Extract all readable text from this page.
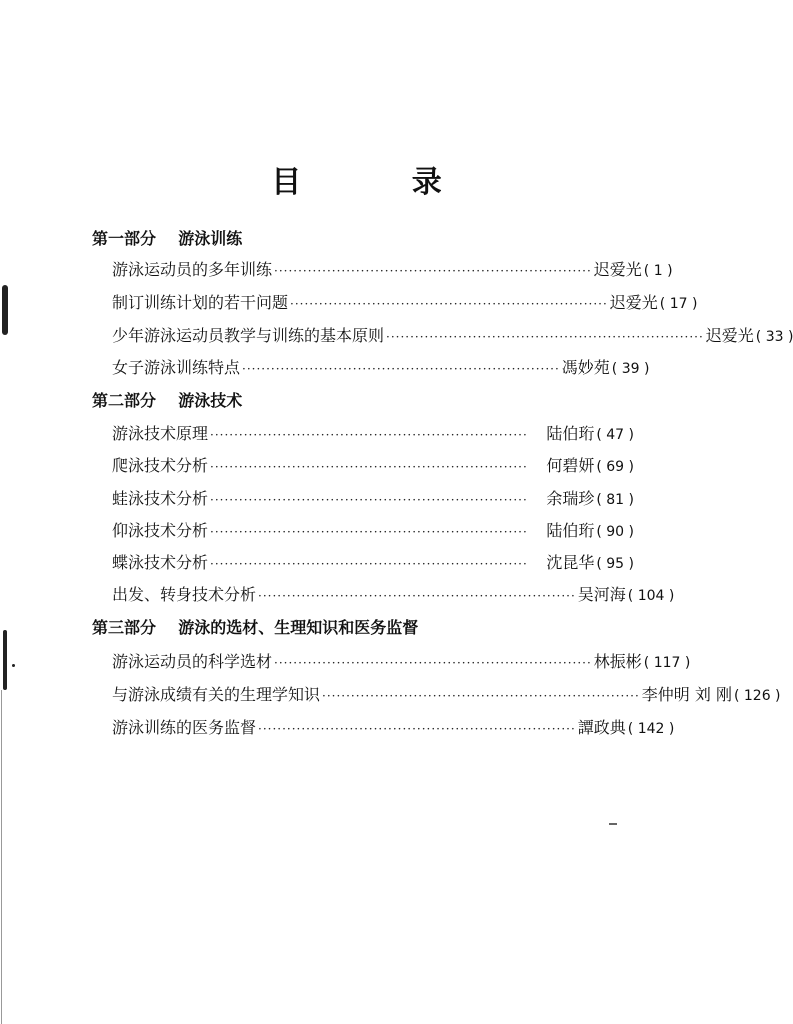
目 录
第一部分    游泳训练
游泳运动员的多年训练 ·································································· 迟爱光 ( 1 )
制订训练计划的若干问题 ·································································· 迟爱光 ( 17 )
少年游泳运动员教学与训练的基本原则 ·································································· 迟爱光 ( 33 )
女子游泳训练特点 ·································································· 馮妙苑 ( 39 )
第二部分    游泳技术
游泳技术原理 ··································································	陆伯珩 ( 47 )
爬泳技术分析 ··································································	何碧妍 ( 69 )
蛙泳技术分析 ··································································	余瑞珍 ( 81 )
仰泳技术分析 ··································································	陆伯珩 ( 90 )
蝶泳技术分析 ··································································	沈昆华 ( 95 )
出发、转身技术分析 ·································································· 吴河海 ( 104 )
第三部分    游泳的选材、生理知识和医务监督
游泳运动员的科学选材 ·································································· 林振彬 ( 117 )
与游泳成绩有关的生理学知识 ·································································· 李仲明 刘 刚 ( 126 )
游泳训练的医务监督 ·································································· 譚政典 ( 142 )
